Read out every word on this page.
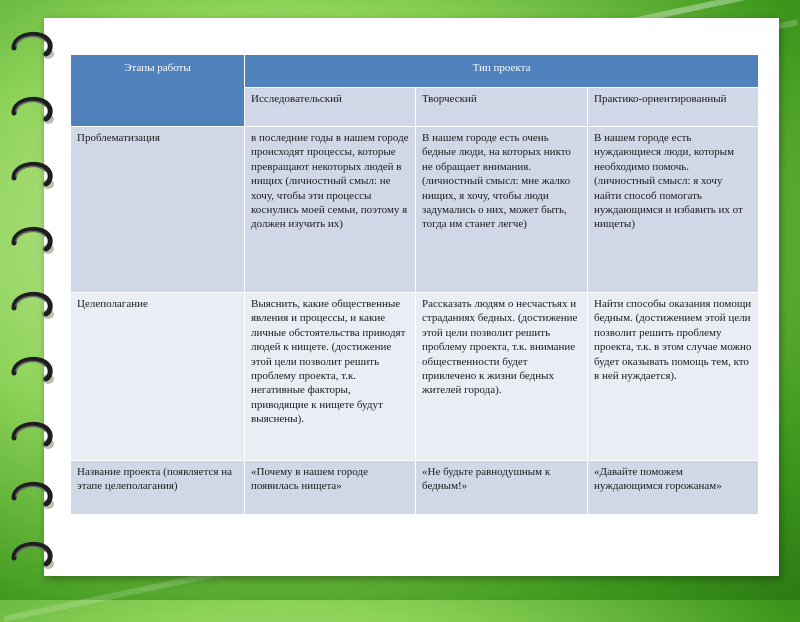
Этапы работы	Тип проекта		
	Исследовательский	Творческий	Практико-ориентированный
Проблематизация	в последние годы в нашем городе происходят процессы, которые превращают некоторых людей в нищих (личностный смыл: не хочу, чтобы эти процессы коснулись моей семьи, поэтому я должен изучить их)	В нашем городе есть очень бедные люди, на которых никто не обращает внимания. (личностный смысл: мне жалко нищих, я хочу, чтобы люди задумались о них, может быть, тогда им станет легче)	В нашем городе есть нуждающиеся люди, которым необходимо помочь. (личностный смысл: я хочу найти способ помогать нуждающимся и избавить их от нищеты)
Целеполагание	Выяснить, какие общественные явления и процессы, и какие личные обстоятельства приводят людей к нищете. (достижение этой цели позволит решить проблему проекта, т.к. негативные факторы, приводящие к нищете будут выяснены).	Рассказать людям о несчастьях и страданиях бедных. (достижение этой цели позволит решить проблему проекта, т.к. внимание общественности будет привлечено к жизни бедных жителей города).	Найти способы оказания помощи бедным. (достижением этой цели позволит решить проблему проекта, т.к. в этом случае можно будет оказывать помощь тем, кто в ней нуждается).
Название проекта (появляется на этапе целеполагания)	«Почему в нашем городе появилась нищета»	«Не будьте равнодушным к бедным!»	«Давайте поможем нуждающимся горожанам»
